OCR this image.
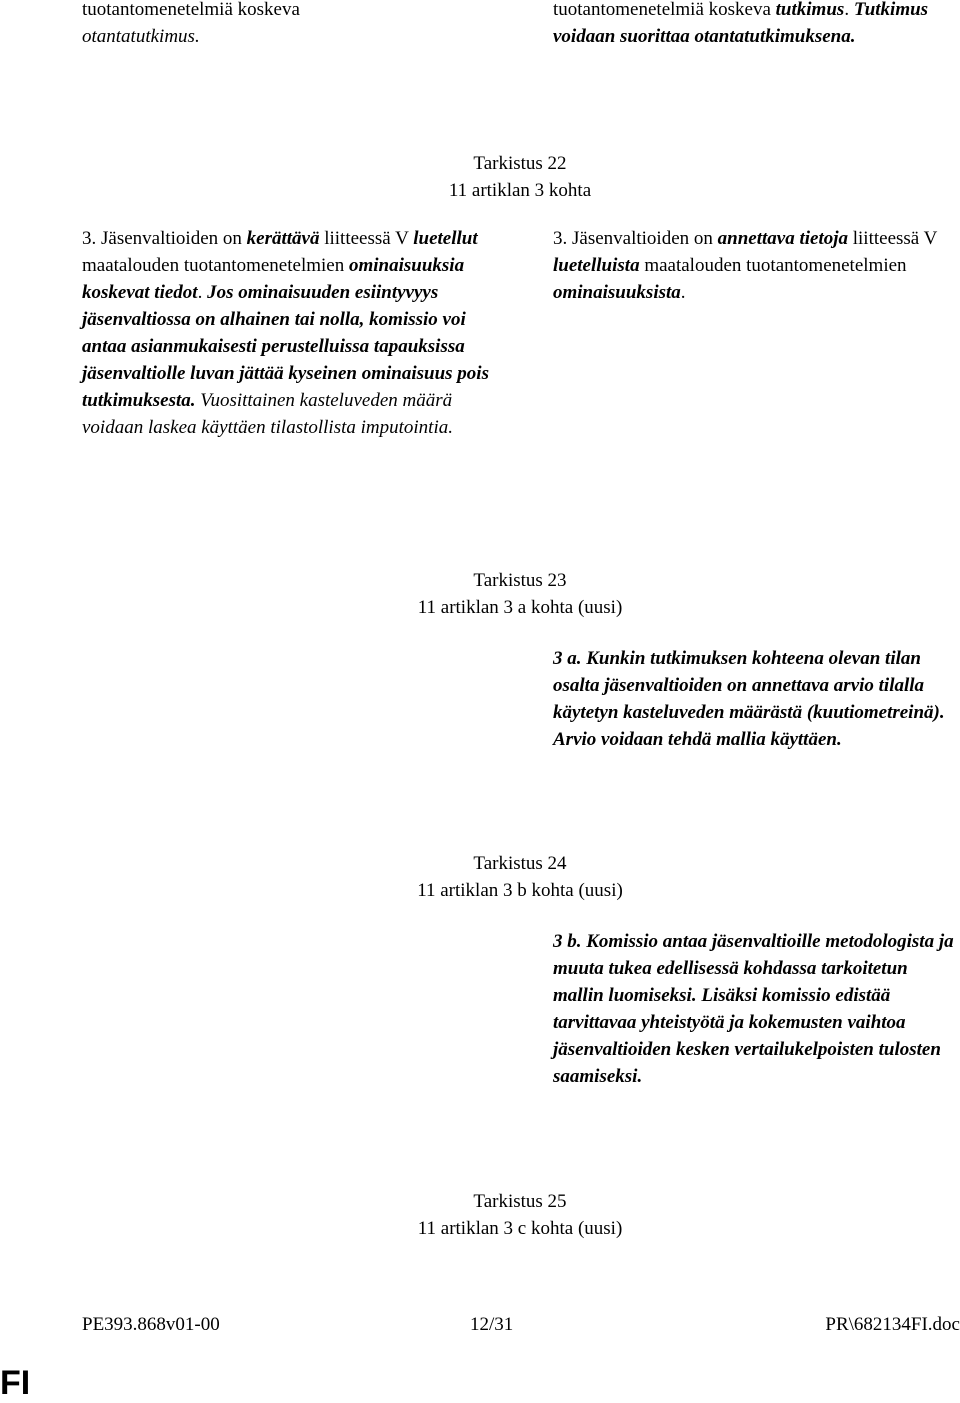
tuotantomenetelmiä koskeva
otantatutkimus.

tuotantomenetelmiä koskeva tutkimus. Tutkimus voidaan suorittaa otantatutkimuksena.

Tarkistus 22
11 artiklan 3 kohta

3. Jäsenvaltioiden on kerättävä liitteessä V luetellut maatalouden tuotantomenetelmien ominaisuuksia koskevat tiedot. Jos ominaisuuden esiintyvyys jäsenvaltiossa on alhainen tai nolla, komissio voi antaa asianmukaisesti perustelluissa tapauksissa jäsenvaltiolle luvan jättää kyseinen ominaisuus pois tutkimuksesta. Vuosittainen kasteluveden määrä voidaan laskea käyttäen tilastollista imputointia.

3. Jäsenvaltioiden on annettava tietoja liitteessä V luetelluista maatalouden tuotantomenetelmien ominaisuuksista.

Tarkistus 23
11 artiklan 3 a kohta (uusi)

3 a. Kunkin tutkimuksen kohteena olevan tilan osalta jäsenvaltioiden on annettava arvio tilalla käytetyn kasteluveden määrästä (kuutiometreinä). Arvio voidaan tehdä mallia käyttäen.

Tarkistus 24
11 artiklan 3 b kohta (uusi)

3 b. Komissio antaa jäsenvaltioille metodologista ja muuta tukea edellisessä kohdassa tarkoitetun mallin luomiseksi. Lisäksi komissio edistää tarvittavaa yhteistyötä ja kokemusten vaihtoa jäsenvaltioiden kesken vertailukelpoisten tulosten saamiseksi.

Tarkistus 25
11 artiklan 3 c kohta (uusi)
PE393.868v01-00	12/31	PR\682134FI.doc
FI
